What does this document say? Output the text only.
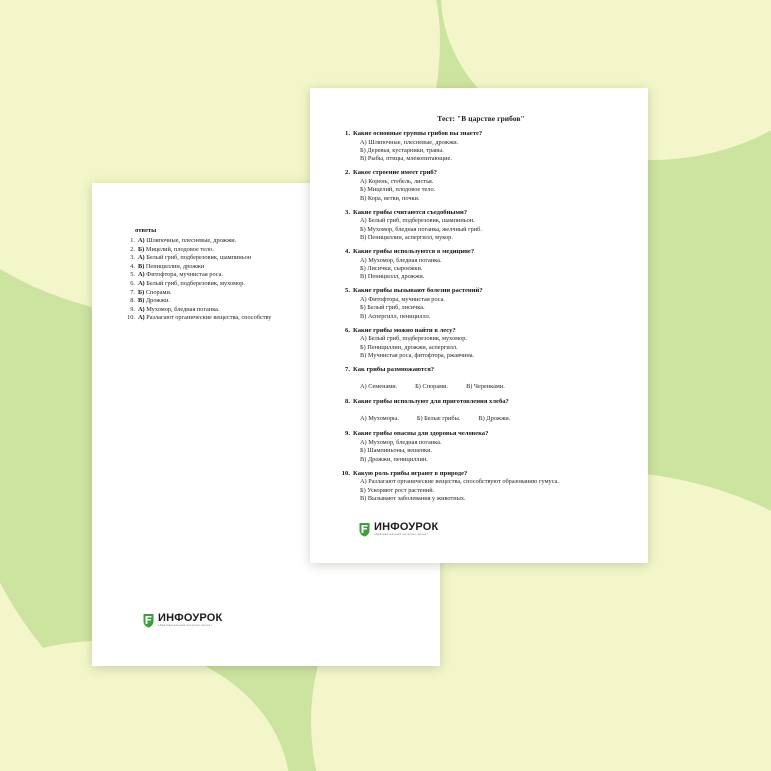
ответы
А) Шляпочные, плесневые, дрожжи.
Б) Мицелий, плодовое тело.
А) Белый гриб, подберезовик, шампиньон
В) Пенициллин, дрожжи
А) Фитофтора, мучнистая роса.
А) Белый гриб, подберезовик, мухомор.
Б) Спорами.
В) Дрожжи.
А) Мухомор, бледная поганка.
А) Разлагают органические вещества, способству
ИНФОУРОК
образовательный интернет-проект
Тест: "В царстве грибов"
Какие основные группы грибов вы знаете?
А) Шляпочные, плесневые, дрожжи.
Б) Деревья, кустарники, травы.
В) Рыбы, птицы, млекопитающие.
Какое строение имеет гриб?
А) Корень, стебель, листья.
Б) Мицелий, плодовое тело.
В) Кора, ветви, почки.
Какие грибы считаются съедобными?
А) Белый гриб, подберезовик, шампиньон.
Б) Мухомор, бледная поганка, желчный гриб.
В) Пенициллин, аспергилл, мукор.
Какие грибы используются в медицине?
А) Мухомор, бледная поганка.
Б) Лисички, сыроежки.
В) Пенициллл, дрожжи.
Какие грибы вызывают болезни растений?
А) Фитофтора, мучнистая роса.
Б) Белый гриб, лисичка.
В) Аспергилл, пенициллл.
Какие грибы можно найти в лесу?
А) Белый гриб, подберезовик, мухомор.
Б) Пенициллин, дрожжи, аспергилл.
В) Мучнистая роса, фитофтора, ржавчина.
Как грибы размножаются?
А) Семенами.	Б) Спорами.	В) Черенками.
Какие грибы используют для приготовления хлеба?
А) Мухоморы.	Б) Белые грибы.	В) Дрожжи.
Какие грибы опасны для здоровья человека?
А) Мухомор, бледная поганка.
Б) Шампиньоны, вешенки.
В) Дрожжи, пенициллин.
Какую роль грибы играют в природе?
А) Разлагают органические вещества, способствуют образованию гумуса.
Б) Ускоряют рост растений.
В) Вызывают заболевания у животных.
ИНФОУРОК
образовательный интернет-проект
